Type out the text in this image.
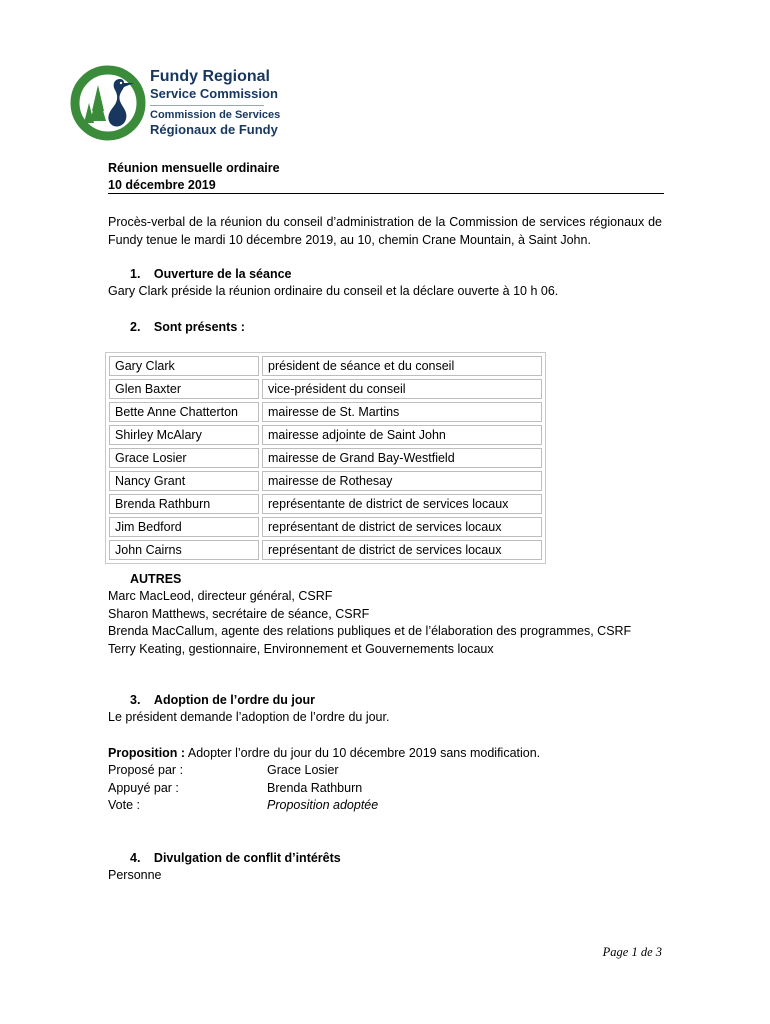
Fundy Regional
Service Commission
Commission de Services
Régionaux de Fundy
Réunion mensuelle ordinaire
10 décembre 2019
Procès-verbal de la réunion du conseil d’administration de la Commission de services régionaux de Fundy tenue le mardi 10 décembre 2019, au 10, chemin Crane Mountain, à Saint John.
1. Ouverture de la séance
Gary Clark préside la réunion ordinaire du conseil et la déclare ouverte à 10 h 06.
2. Sont présents :
Gary Clark	président de séance et du conseil
Glen Baxter	vice-président du conseil
Bette Anne Chatterton	mairesse de St. Martins
Shirley McAlary	mairesse adjointe de Saint John
Grace Losier	mairesse de Grand Bay-Westfield
Nancy Grant	mairesse de Rothesay
Brenda Rathburn	représentante de district de services locaux
Jim Bedford	représentant de district de services locaux
John Cairns	représentant de district de services locaux
AUTRES
Marc MacLeod, directeur général, CSRF
Sharon Matthews, secrétaire de séance, CSRF
Brenda MacCallum, agente des relations publiques et de l’élaboration des programmes, CSRF
Terry Keating, gestionnaire, Environnement et Gouvernements locaux
3. Adoption de l’ordre du jour
Le président demande l’adoption de l’ordre du jour.
Proposition : Adopter l’ordre du jour du 10 décembre 2019 sans modification.
Proposé par :	Grace Losier
Appuyé par :	Brenda Rathburn
Vote :	Proposition adoptée
4. Divulgation de conflit d’intérêts
Personne
Page 1 de 3
